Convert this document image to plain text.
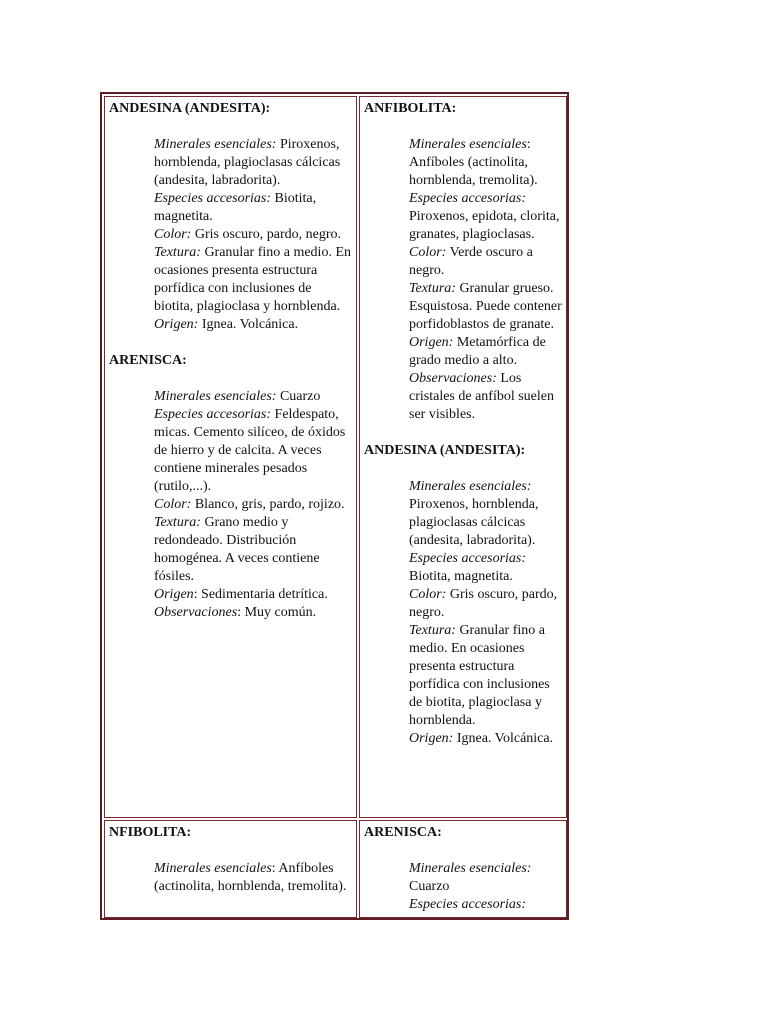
ANDESINA (ANDESITA):
Minerales esenciales: Piroxenos, hornblenda, plagioclasas cálcicas (andesita, labradorita).
Especies accesorias: Biotita, magnetita.
Color: Gris oscuro, pardo, negro.
Textura: Granular fino a medio. En ocasiones presenta estructura porfídica con inclusiones de biotita, plagioclasa y hornblenda.
Origen: Ignea. Volcánica.
ARENISCA:
Minerales esenciales: Cuarzo
Especies accesorias: Feldespato, micas. Cemento silíceo, de óxidos de hierro y de calcita. A veces contiene minerales pesados (rutilo,...).
Color: Blanco, gris, pardo, rojizo.
Textura: Grano medio y redondeado. Distribución homogénea. A veces contiene fósiles.
Origen: Sedimentaria detrítica.
Observaciones: Muy común.
ANFIBOLITA:
Minerales esenciales: Anfíboles (actinolita, hornblenda, tremolita).
Especies accesorias: Piroxenos, epidota, clorita, granates, plagioclasas.
Color: Verde oscuro a negro.
Textura: Granular grueso. Esquistosa. Puede contener porfidoblastos de granate.
Origen: Metamórfica de grado medio a alto.
Observaciones: Los cristales de anfíbol suelen ser visibles.
ANDESINA (ANDESITA):
Minerales esenciales: Piroxenos, hornblenda, plagioclasas cálcicas (andesita, labradorita).
Especies accesorias: Biotita, magnetita.
Color: Gris oscuro, pardo, negro.
Textura: Granular fino a medio. En ocasiones presenta estructura porfídica con inclusiones de biotita, plagioclasa y hornblenda.
Origen: Ignea. Volcánica.
NFIBOLITA:
Minerales esenciales: Anfíboles (actinolita, hornblenda, tremolita).
ARENISCA:
Minerales esenciales: Cuarzo
Especies accesorias:
